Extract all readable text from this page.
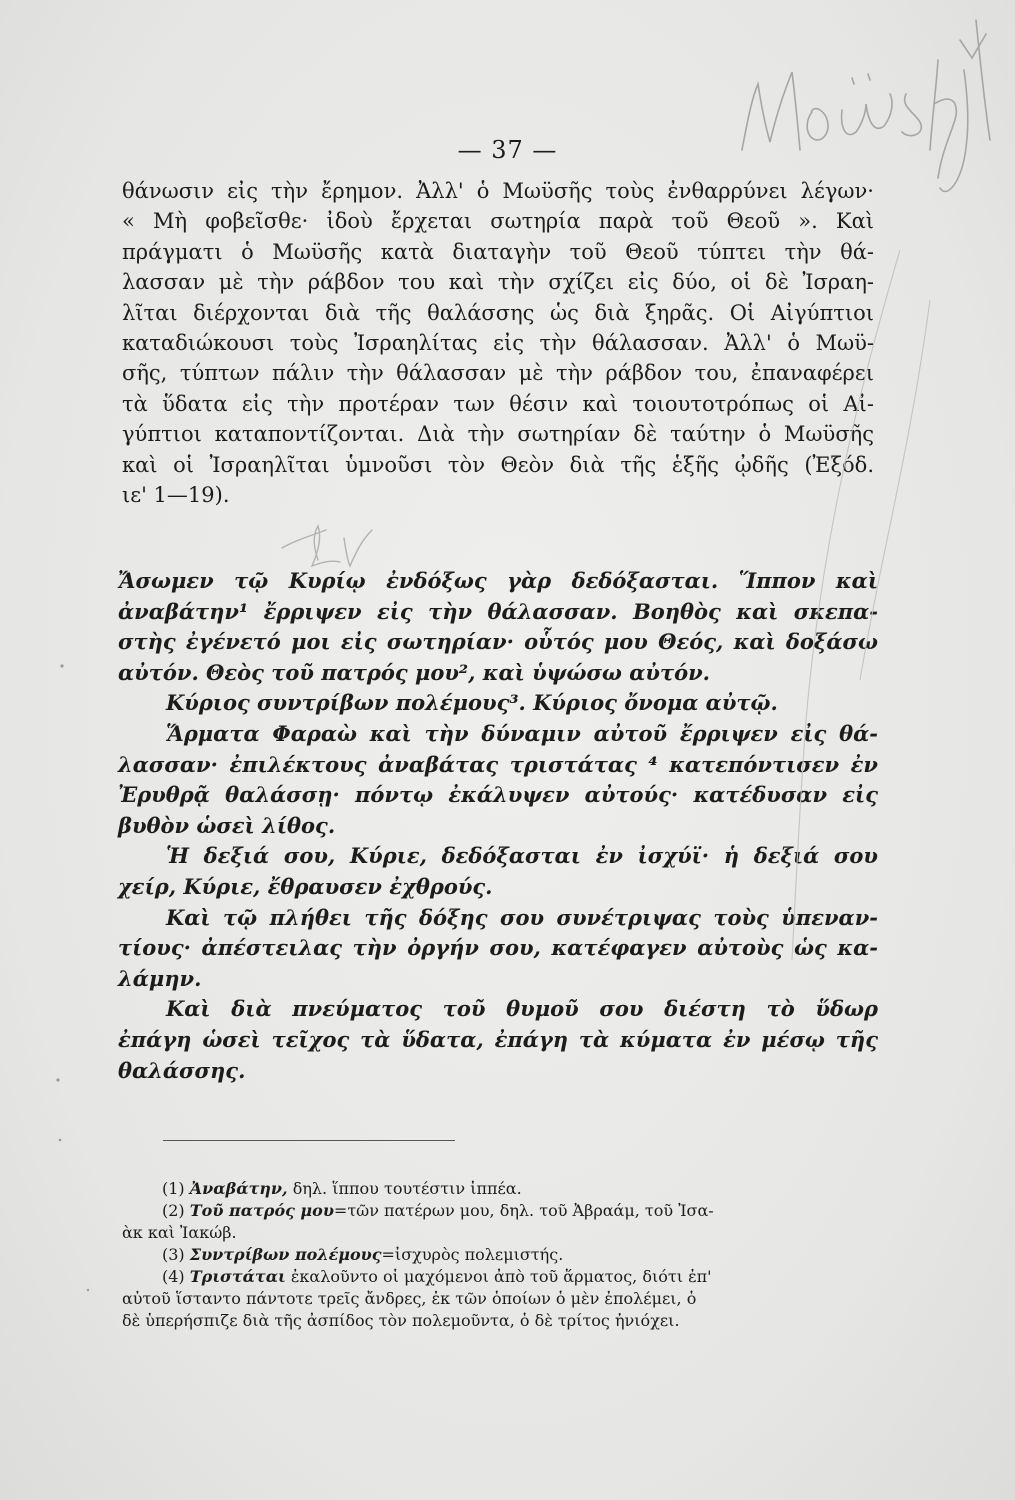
— 37 —
θάνωσιν εἰς τὴν ἔρημον. Ἀλλ' ὁ Μωϋσῆς τοὺς ἐνθαρρύνει λέγων·
« Μὴ φοβεῖσθε· ἰδοὺ ἔρχεται σωτηρία παρὰ τοῦ Θεοῦ ». Καὶ
πράγματι ὁ Μωϋσῆς κατὰ διαταγὴν τοῦ Θεοῦ τύπτει τὴν θά-
λασσαν μὲ τὴν ράβδον του καὶ τὴν σχίζει εἰς δύο, οἱ δὲ Ἰσραη-
λῖται διέρχονται διὰ τῆς θαλάσσης ὡς διὰ ξηρᾶς. Οἱ Αἰγύπτιοι
καταδιώκουσι τοὺς Ἰσραηλίτας εἰς τὴν θάλασσαν. Ἀλλ' ὁ Μωϋ-
σῆς, τύπτων πάλιν τὴν θάλασσαν μὲ τὴν ράβδον του, ἐπαναφέρει
τὰ ὕδατα εἰς τὴν προτέραν των θέσιν καὶ τοιουτοτρόπως οἱ Αἰ-
γύπτιοι καταποντίζονται. Διὰ τὴν σωτηρίαν δὲ ταύτην ὁ Μωϋσῆς
καὶ οἱ Ἰσραηλῖται ὑμνοῦσι τὸν Θεὸν διὰ τῆς ἑξῆς ᾠδῆς (Ἐξόδ.
ιε' 1—19).
Ἄσωμεν τῷ Κυρίῳ ἐνδόξως γὰρ δεδόξασται. Ἵππον καὶ
ἀναβάτην¹ ἔρριψεν εἰς τὴν θάλασσαν. Βοηθὸς καὶ σκεπα-
στὴς ἐγένετό μοι εἰς σωτηρίαν· οὗτός μου Θεός, καὶ δοξάσω
αὐτόν. Θεὸς τοῦ πατρός μου², καὶ ὑψώσω αὐτόν.
Κύριος συντρίβων πολέμους³. Κύριος ὄνομα αὐτῷ.
Ἅρματα Φαραὼ καὶ τὴν δύναμιν αὐτοῦ ἔρριψεν εἰς θά-
λασσαν· ἐπιλέκτους ἀναβάτας τριστάτας ⁴ κατεπόντισεν ἐν
Ἐρυθρᾷ θαλάσσῃ· πόντῳ ἐκάλυψεν αὐτούς· κατέδυσαν εἰς
βυθὸν ὡσεὶ λίθος.
Ἡ δεξιά σου, Κύριε, δεδόξασται ἐν ἰσχύϊ· ἡ δεξιά σου
χείρ, Κύριε, ἔθραυσεν ἐχθρούς.
Καὶ τῷ πλήθει τῆς δόξης σου συνέτριψας τοὺς ὑπεναν-
τίους· ἀπέστειλας τὴν ὀργήν σου, κατέφαγεν αὐτοὺς ὡς κα-
λάμην.
Καὶ διὰ πνεύματος τοῦ θυμοῦ σου διέστη τὸ ὕδωρ
ἐπάγη ὡσεὶ τεῖχος τὰ ὕδατα, ἐπάγη τὰ κύματα ἐν μέσῳ τῆς
θαλάσσης.
(1) Ἀναβάτην, δηλ. ἵππου τουτέστιν ἱππέα.
(2) Τοῦ πατρός μου=τῶν πατέρων μου, δηλ. τοῦ Ἀβραάμ, τοῦ Ἰσα-
ὰκ καὶ Ἰακώβ.
(3) Συντρίβων πολέμους=ἰσχυρὸς πολεμιστής.
(4) Τριστάται ἐκαλοῦντο οἱ μαχόμενοι ἀπὸ τοῦ ἅρματος, διότι ἐπ'
αὐτοῦ ἵσταντο πάντοτε τρεῖς ἄνδρες, ἐκ τῶν ὁποίων ὁ μὲν ἐπολέμει, ὁ
δὲ ὑπερήσπιζε διὰ τῆς ἀσπίδος τὸν πολεμοῦντα, ὁ δὲ τρίτος ἡνιόχει.
